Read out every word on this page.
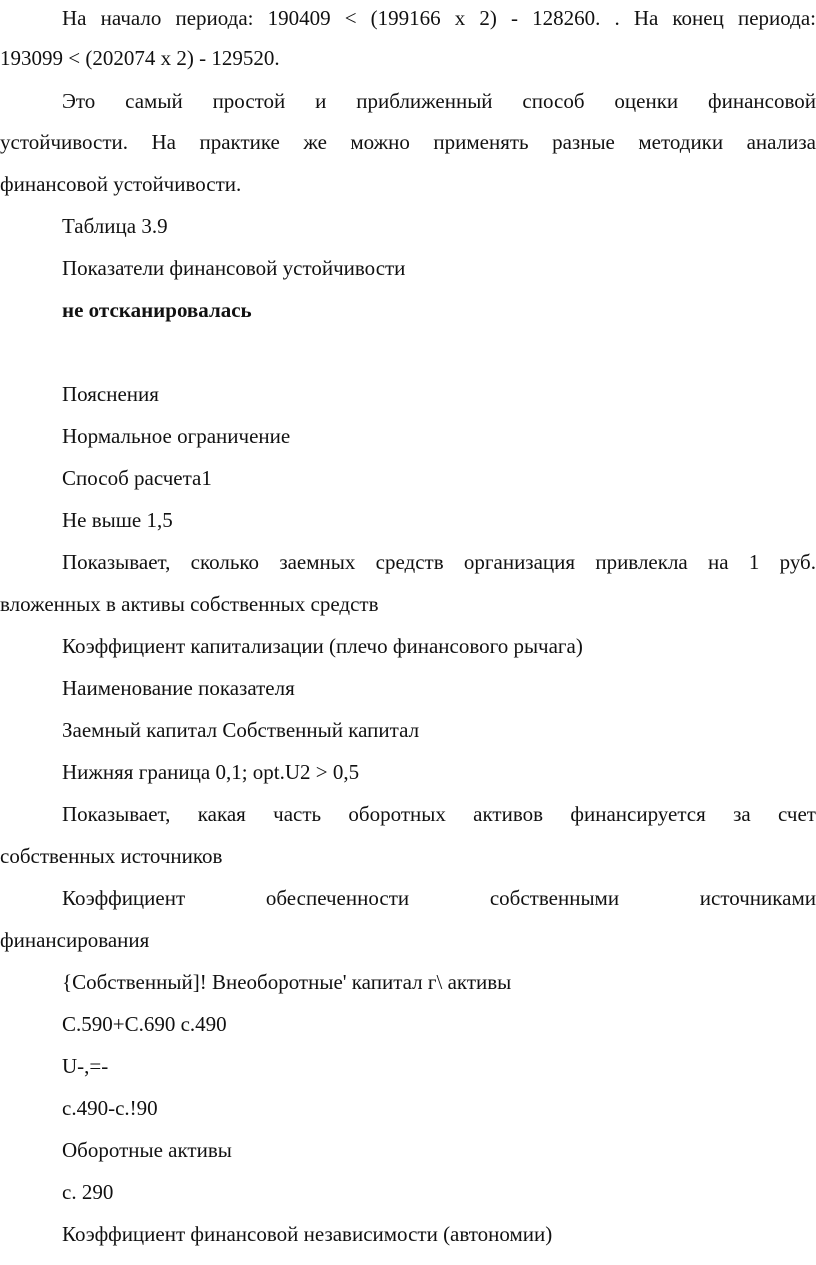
На начало периода: 190409 < (199166 х 2) - 128260. . На конец периода:
193099 < (202074 х 2) - 129520.
Это самый простой и приближенный способ оценки финансовой
устойчивости. На практике же можно применять разные методики анализа
финансовой устойчивости.
Таблица 3.9
Показатели финансовой устойчивости
не отсканировалась
Пояснения
Нормальное ограничение
Способ расчета1
Не выше 1,5
Показывает, сколько заемных средств организация привлекла на 1 руб.
вложенных в активы собственных средств
Коэффициент капитализации (плечо финансового рычага)
Наименование показателя
Заемный капитал Собственный капитал
Нижняя граница 0,1; opt.U2 > 0,5
Показывает, какая часть оборотных активов финансируется за счет
собственных источников
Коэффициент обеспеченности собственными источниками
финансирования
{Собственный]! Внеоборотные' капитал г\ активы
С.590+С.690 с.490
U-,=-
с.490-с.!90
Оборотные активы
с. 290
Коэффициент финансовой независимости (автономии)
